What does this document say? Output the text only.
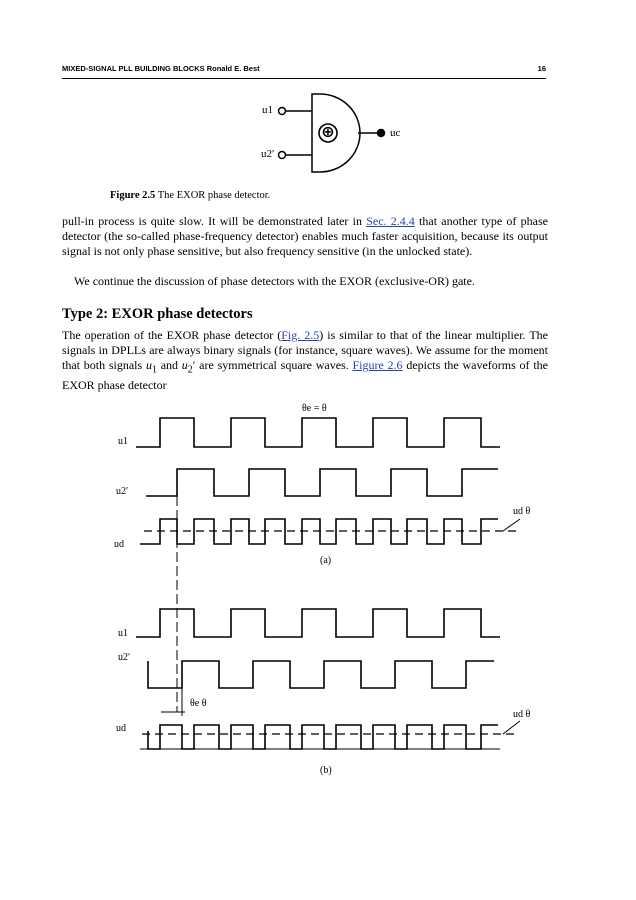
MIXED-SIGNAL PLL BUILDING BLOCKS Ronald E. Best	16
⊕
u1
u2′
uc
Figure 2.5 The EXOR phase detector.

pull-in process is quite slow. It will be demonstrated later in Sec. 2.4.4 that another type of phase detector (the so-called phase-frequency detector) enables much faster acquisition, because its output signal is not only phase sensitive, but also frequency sensitive (in the unlocked state).

We continue the discussion of phase detectors with the EXOR (exclusive-OR) gate.

Type 2: EXOR phase detectors

The operation of the EXOR phase detector (Fig. 2.5) is similar to that of the linear multiplier. The signals in DPLLs are always binary signals (for instance, square waves). We assume for the moment that both signals $u_1$ and $u_2'$ are symmetrical square waves. Figure 2.6 depicts the waveforms of the EXOR phase detector

θe = θ
u1
u2′
ud
ud θ
(a)
u1
u2′
ud
θe θ
ud θ
(b)
